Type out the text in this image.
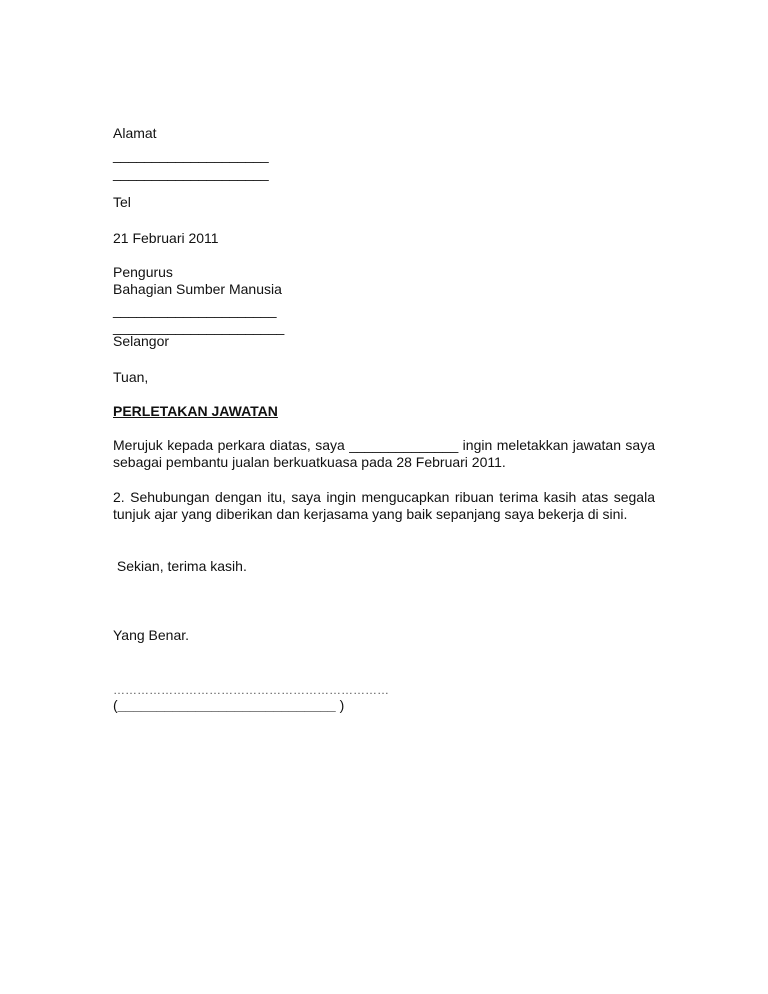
Alamat
____________________
____________________
Tel
21 Februari 2011
Pengurus
Bahagian Sumber Manusia
_____________________
______________________
Selangor
Tuan,
PERLETAKAN JAWATAN
Merujuk kepada perkara diatas, saya ______________ ingin meletakkan jawatan saya sebagai pembantu jualan berkuatkuasa pada 28 Februari 2011.
2. Sehubungan dengan itu, saya ingin mengucapkan ribuan terima kasih atas segala tunjuk ajar yang diberikan dan kerjasama yang baik sepanjang saya bekerja di sini.
Sekian, terima kasih.
Yang Benar.
……………………………………………………………
(____________________________ )
